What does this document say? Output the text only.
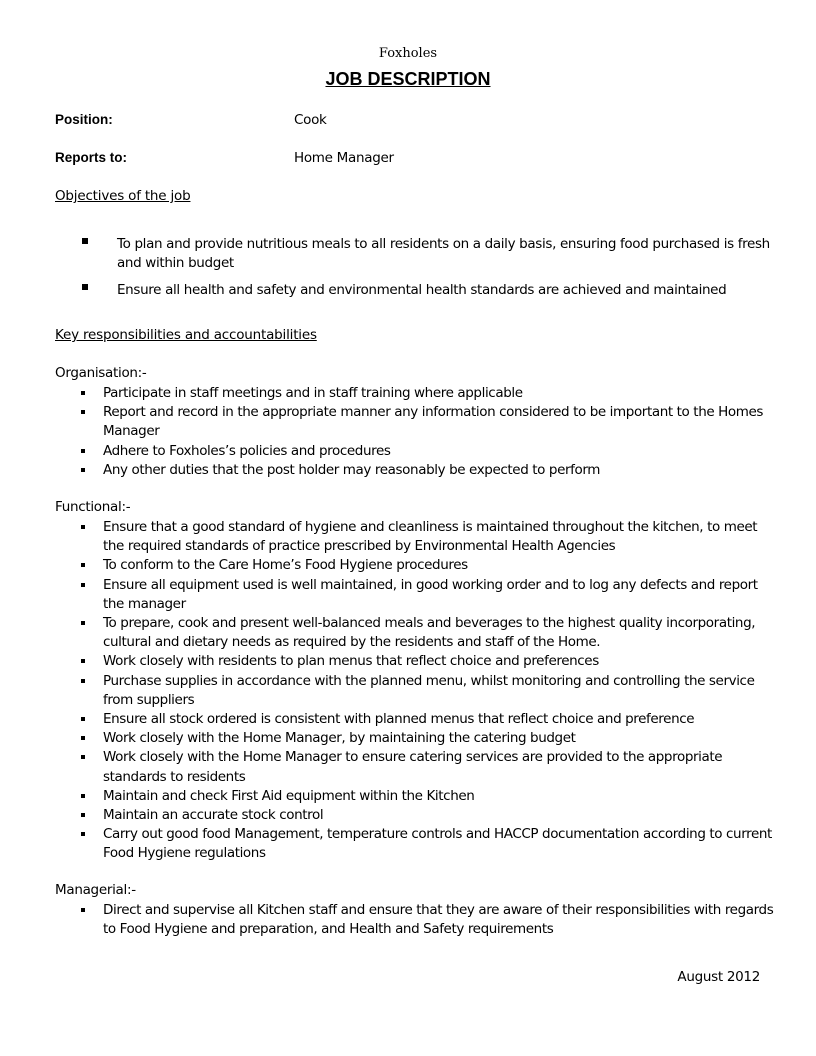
Foxholes
JOB DESCRIPTION
Position:	Cook
Reports to:	Home Manager
Objectives of the job
To plan and provide nutritious meals to all residents on a daily basis, ensuring food purchased is fresh and within budget
Ensure all health and safety and environmental health standards are achieved and maintained
Key responsibilities and accountabilities
Organisation:-
Participate in staff meetings and in staff training where applicable
Report and record in the appropriate manner any information considered to be important to the Homes Manager
Adhere to Foxholes’s policies and procedures
Any other duties that the post holder may reasonably be expected to perform
Functional:-
Ensure that a good standard of hygiene and cleanliness is maintained throughout the kitchen, to meet the required standards of practice prescribed by Environmental Health Agencies
To conform to the Care Home’s Food Hygiene procedures
Ensure all equipment used is well maintained, in good working order and to log any defects and report the manager
To prepare, cook and present well-balanced meals and beverages to the highest quality incorporating, cultural and dietary needs as required by the residents and staff of the Home.
Work closely with residents to plan menus that reflect choice and preferences
Purchase supplies in accordance with the planned menu, whilst monitoring and controlling the service from suppliers
Ensure all stock ordered is consistent with planned menus that reflect choice and preference
Work closely with the Home Manager, by maintaining the catering budget
Work closely with the Home Manager to ensure catering services are provided to the appropriate standards to residents
Maintain and check First Aid equipment within the Kitchen
Maintain an accurate stock control
Carry out good food Management, temperature controls and HACCP documentation according to current Food Hygiene regulations
Managerial:-
Direct and supervise all Kitchen staff and ensure that they are aware of their responsibilities with regards to Food Hygiene and preparation, and Health and Safety requirements
August 2012
